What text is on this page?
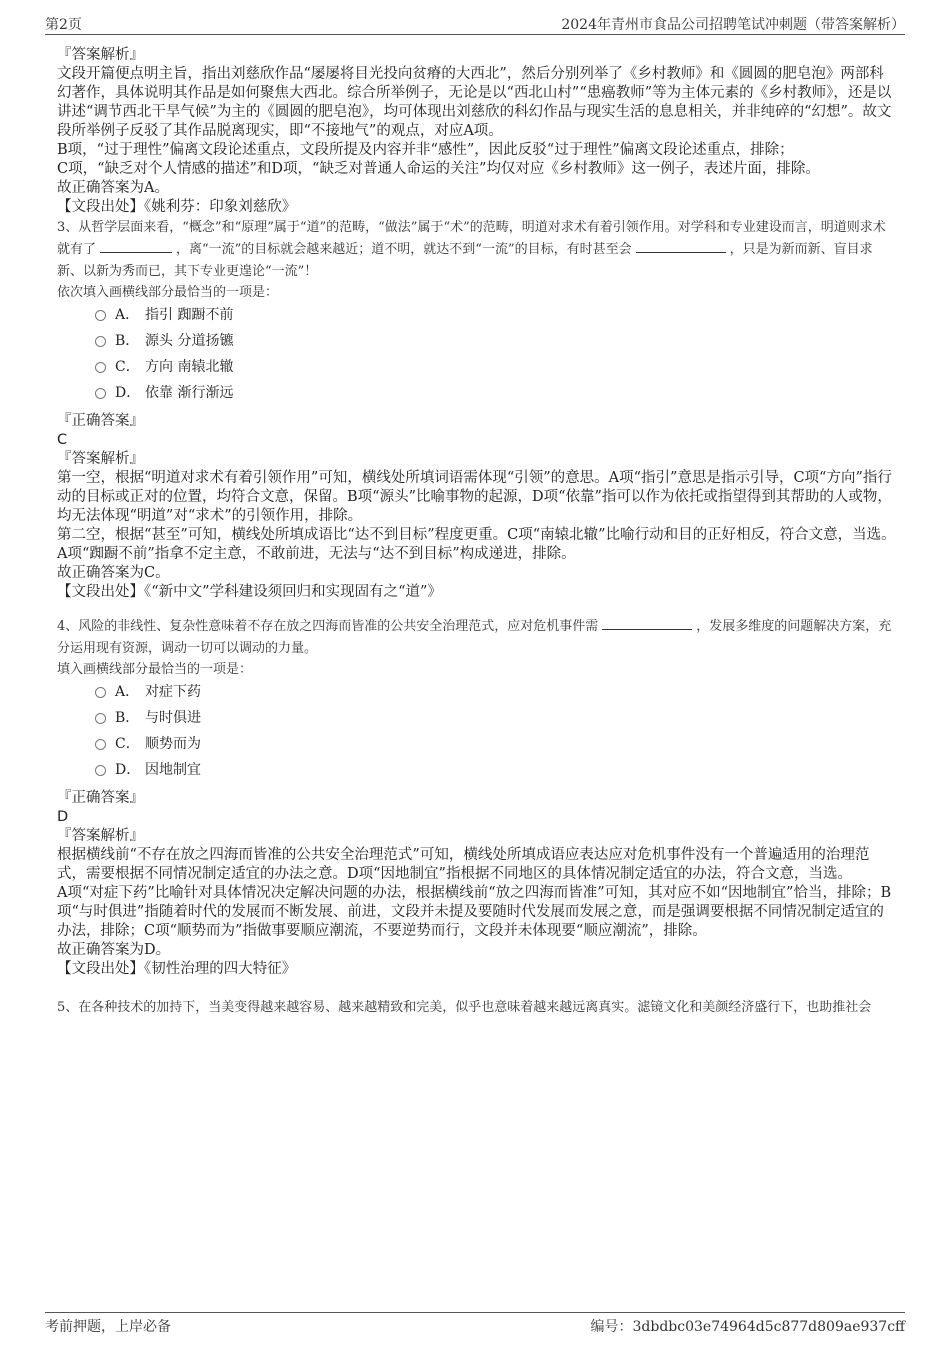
第2页	2024年青州市食品公司招聘笔试冲刺题（带答案解析）

『答案解析』

文段开篇便点明主旨，指出刘慈欣作品“屡屡将目光投向贫瘠的大西北”，然后分别列举了《乡村教师》和《圆圆的肥皂泡》两部科幻著作，具体说明其作品是如何聚焦大西北。综合所举例子，无论是以“西北山村”“患癌教师”等为主体元素的《乡村教师》，还是以讲述“调节西北干旱气候”为主的《圆圆的肥皂泡》，均可体现出刘慈欣的科幻作品与现实生活的息息相关，并非纯碎的“幻想”。故文段所举例子反驳了其作品脱离现实，即“不接地气”的观点，对应A项。

B项，“过于理性”偏离文段论述重点，文段所提及内容并非“感性”，因此反驳“过于理性”偏离文段论述重点，排除；

C项，“缺乏对个人情感的描述”和D项，“缺乏对普通人命运的关注”均仅对应《乡村教师》这一例子，表述片面，排除。

故正确答案为A。

【文段出处】《姚利芬：印象刘慈欣》

3、从哲学层面来看，“概念”和“原理”属于“道”的范畴，“做法”属于“术”的范畴，明道对求术有着引领作用。对学科和专业建设而言，明道则求术就有了	，离“一流”的目标就会越来越近；道不明，就达不到“一流”的目标，有时甚至会	，只是为新而新、盲目求新、以新为秀而已，其下专业更遑论“一流”！

依次填入画横线部分最恰当的一项是：

A． 指引 踟蹰不前
B． 源头 分道扬镳
C． 方向 南辕北辙
D． 依靠 渐行渐远

『正确答案』

C

『答案解析』

第一空，根据“明道对求术有着引领作用”可知，横线处所填词语需体现“引领”的意思。A项“指引”意思是指示引导，C项“方向”指行动的目标或正对的位置，均符合文意，保留。B项“源头”比喻事物的起源，D项“依靠”指可以作为依托或指望得到其帮助的人或物，均无法体现“明道”对“求术”的引领作用，排除。

第二空，根据“甚至”可知，横线处所填成语比“达不到目标”程度更重。C项“南辕北辙”比喻行动和目的正好相反，符合文意，当选。A项“踟蹰不前”指拿不定主意，不敢前进，无法与“达不到目标”构成递进，排除。

故正确答案为C。

【文段出处】《“新中文”学科建设须回归和实现固有之“道”》

4、风险的非线性、复杂性意味着不存在放之四海而皆准的公共安全治理范式，应对危机事件需	，发展多维度的问题解决方案，充分运用现有资源，调动一切可以调动的力量。

填入画横线部分最恰当的一项是：

A． 对症下药
B． 与时俱进
C． 顺势而为
D． 因地制宜

『正确答案』

D

『答案解析』

根据横线前“不存在放之四海而皆准的公共安全治理范式”可知，横线处所填成语应表达应对危机事件没有一个普遍适用的治理范式，需要根据不同情况制定适宜的办法之意。D项“因地制宜”指根据不同地区的具体情况制定适宜的办法，符合文意，当选。

A项“对症下药”比喻针对具体情况决定解决问题的办法，根据横线前“放之四海而皆准”可知，其对应不如“因地制宜”恰当，排除；B项“与时俱进”指随着时代的发展而不断发展、前进，文段并未提及要随时代发展而发展之意，而是强调要根据不同情况制定适宜的办法，排除；C项“顺势而为”指做事要顺应潮流，不要逆势而行，文段并未体现要“顺应潮流”，排除。

故正确答案为D。

【文段出处】《韧性治理的四大特征》

5、在各种技术的加持下，当美变得越来越容易、越来越精致和完美，似乎也意味着越来越远离真实。滤镜文化和美颜经济盛行下，也助推社会

考前押题，上岸必备	编号：3dbdbc03e74964d5c877d809ae937cff
